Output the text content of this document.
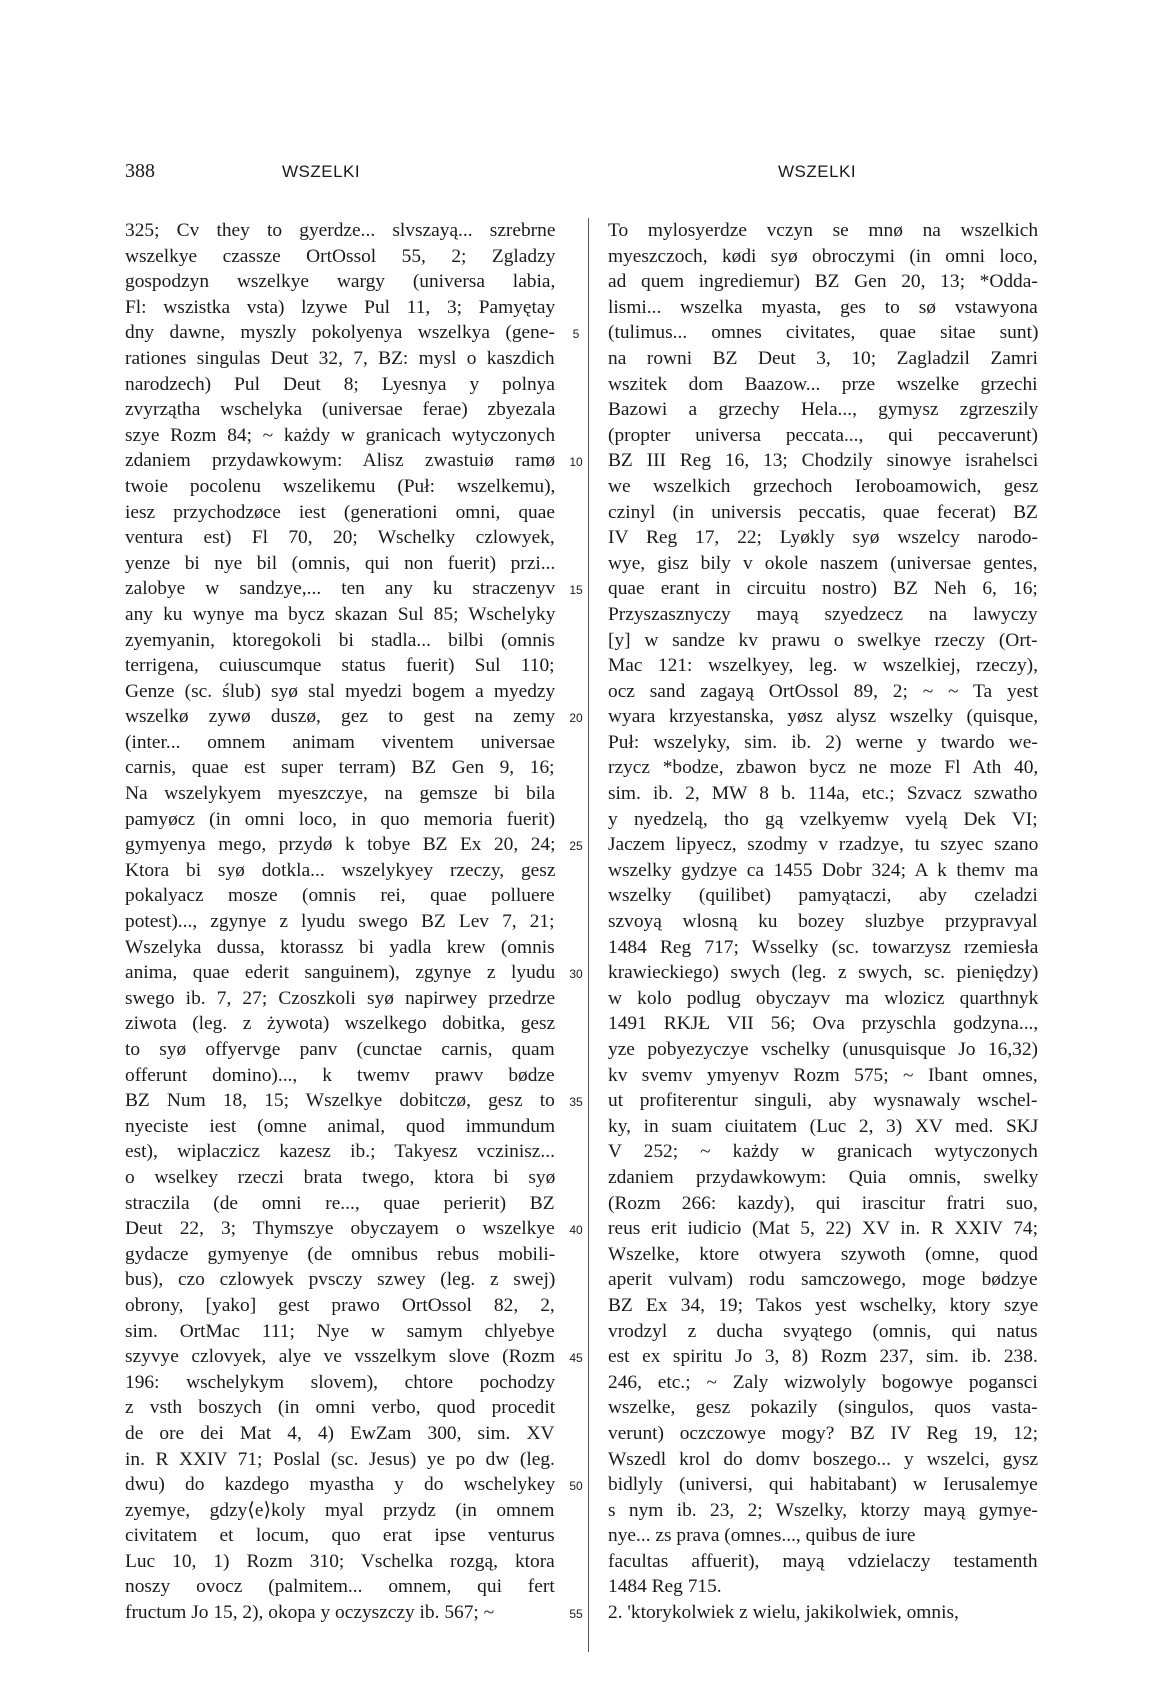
388	WSZELKI	WSZELKI
325; Cv they to gyerdze... slvszayą... szrebrne
wszelkye czassze OrtOssol 55, 2; Zgladzy
gospodzyn wszelkye wargy (universa labia,
Fl: wszistka vsta) lzywe Pul 11, 3; Pamyętay
dny dawne, myszly pokolyenya wszelkya (gene-
rationes singulas Deut 32, 7, BZ: mysl o kaszdich
narodzech) Pul Deut 8; Lyesnya y polnya
zvyrząthа wschelyka (universae ferae) zbyezala
szye Rozm 84; ~ każdy w granicach wytyczonych
zdaniem przydawkowym: Alisz zwastuiø ramø
twoie pocolenu wszelikemu (Puł: wszelkemu),
iesz przychodzøce iest (generationi omni, quae
ventura est) Fl 70, 20; Wschelky czlowyek,
yenze bi nye bil (omnis, qui non fuerit) przi...
zalobye w sandzye,... ten any ku straczenyv
any ku wynye ma bycz skazan Sul 85; Wschelyky
zyemyanin, ktoregokoli bi stadla... bilbi (omnis
terrigena, cuiuscumque status fuerit) Sul 110;
Genze (sc. ślub) syø stal myedzi bogem a myedzy
wszelkø zywø duszø, gez to gest na zemy
(inter... omnem animam viventem universae
carnis, quae est super terram) BZ Gen 9, 16;
Na wszelykyem myeszczye, na gemsze bi bila
pamyøcz (in omni loco, in quo memoria fuerit)
gymyenya mego, przydø k tobye BZ Ex 20, 24;
Ktora bi syø dotkla... wszelykyey rzeczy, gesz
pokalyacz mosze (omnis rei, quae polluere
potest)..., zgynye z lyudu swego BZ Lev 7, 21;
Wszelyka dussa, ktorassz bi yadla krew (omnis
anima, quae ederit sanguinem), zgynye z lyudu
swego ib. 7, 27; Czoszkoli syø napirwey przedrze
ziwota (leg. z żywota) wszelkego dobitka, gesz
to syø offyervge panv (cunctae carnis, quam
offerunt domino)..., k twemv prawv bødze
BZ Num 18, 15; Wszelkye dobitczø, gesz to
nyeciste iest (omne animal, quod immundum
est), wiplaczicz kazesz ib.; Takyesz vczinisz...
o wselkey rzeczi brata twego, ktora bi syø
straczila (de omni re..., quae perierit) BZ
Deut 22, 3; Thymszye obyczayem o wszelkye
gydacze gymyenye (de omnibus rebus mobili-
bus), czo czlowyek pvsczy szwey (leg. z swej)
obrony, [yako] gest prawo OrtOssol 82, 2,
sim. OrtMac 111; Nye w samym chlyebye
szyvye czlovyek, alye ve vsszelkym slove (Rozm
196: wschelykym slovem), chtore pochodzy
z vsth boszych (in omni verbo, quod procedit
de ore dei Mat 4, 4) EwZam 300, sim. XV
in. R XXIV 71; Poslal (sc. Jesus) ye po dw (leg.
dwu) do kazdego myastha y do wschelykey
zyemye, gdzy⟨e⟩koly myal przydz (in omnem
civitatem et locum, quo erat ipse venturus
Luc 10, 1) Rozm 310; Vschelka rozgą, ktora
noszy ovocz (palmitem... omnem, qui fert
fructum Jo 15, 2), okopa y oczyszczy ib. 567; ~
5
10
15
20
25
30
35
40
45
50
55
To mylosyerdze vczyn se mnø na wszelkich
myeszczoch, kødi syø obroczymi (in omni loco,
ad quem ingrediemur) BZ Gen 20, 13; *Odda-
lismi... wszelka myasta, ges to sø vstawyona
(tulimus... omnes civitates, quae sitae sunt)
na rowni BZ Deut 3, 10; Zagladzil Zamri
wszitek dom Baazow... prze wszelke grzechi
Bazowi a grzechy Hela..., gymysz zgrzeszily
(propter universa peccata..., qui peccaverunt)
BZ III Reg 16, 13; Chodzily sinowye israhelsci
we wszelkich grzechoch Ieroboamowich, gesz
czinyl (in universis peccatis, quae fecerat) BZ
IV Reg 17, 22; Lyøkly syø wszelcy narodo-
wye, gisz bily v okole naszem (universae gentes,
quae erant in circuitu nostro) BZ Neh 6, 16;
Przyszasznyczy mayą szyedzecz na lawyczy
[y] w sandze kv prawu o swelkye rzeczy (Ort-
Mac 121: wszelkyey, leg. w wszelkiej, rzeczy),
ocz sand zagayą OrtOssol 89, 2; ~ ~ Ta yest
wyara krzyestanska, yøsz alysz wszelky (quisque,
Puł: wszelyky, sim. ib. 2) werne y twardo we-
rzycz *bodze, zbawon bycz ne moze Fl Ath 40,
sim. ib. 2, MW 8 b. 114a, etc.; Szvacz szwatho
y nyedzelą, tho gą vzelkyemw vyelą Dek VI;
Jaczem lipyecz, szodmy v rzadzye, tu szyec szano
wszelky gydzye ca 1455 Dobr 324; A k themv ma
wszelky (quilibet) pamyątaczi, aby czeladzi
szvoyą wlosną ku bozey sluzbye przypravyal
1484 Reg 717; Wsselky (sc. towarzysz rzemiesła
krawieckiego) swych (leg. z swych, sc. pieniędzy)
w kolo podlug obyczayv ma wlozicz quarthnyk
1491 RKJŁ VII 56; Ova przyschla godzyna...,
yze pobyezyczye vschelky (unusquisque Jo 16,32)
kv svemv ymyenyv Rozm 575; ~ Ibant omnes,
ut profiterentur singuli, aby wysnawaly wschel-
ky, in suam ciuitatem (Luc 2, 3) XV med. SKJ
V 252; ~ każdy w granicach wytyczonych
zdaniem przydawkowym: Quia omnis, swelky
(Rozm 266: kazdy), qui irascitur fratri suo,
reus erit iudicio (Mat 5, 22) XV in. R XXIV 74;
Wszelke, ktore otwyera szywoth (omne, quod
aperit vulvam) rodu samczowego, moge bødzye
BZ Ex 34, 19; Takos yest wschelky, ktory szye
vrodzyl z ducha svyątego (omnis, qui natus
est ex spiritu Jo 3, 8) Rozm 237, sim. ib. 238.
246, etc.; ~ Zaly wizwolyly bogowye poganscі
wszelke, gesz pokazily (singulos, quos vasta-
verunt) oczczowye mogy? BZ IV Reg 19, 12;
Wszedl krol do domv boszego... y wszelci, gysz
bidlyly (universi, qui habitabant) w Ierusalemye
s nym ib. 23, 2; Wszelky, ktorzy mayą gymye-
nye... zs prava (omnes..., quibus de iure
facultas affuerit), mayą vdzielaczy testamenth
1484 Reg 715.
2. 'ktorykolwiek z wielu, jakikolwiek, omnis,
